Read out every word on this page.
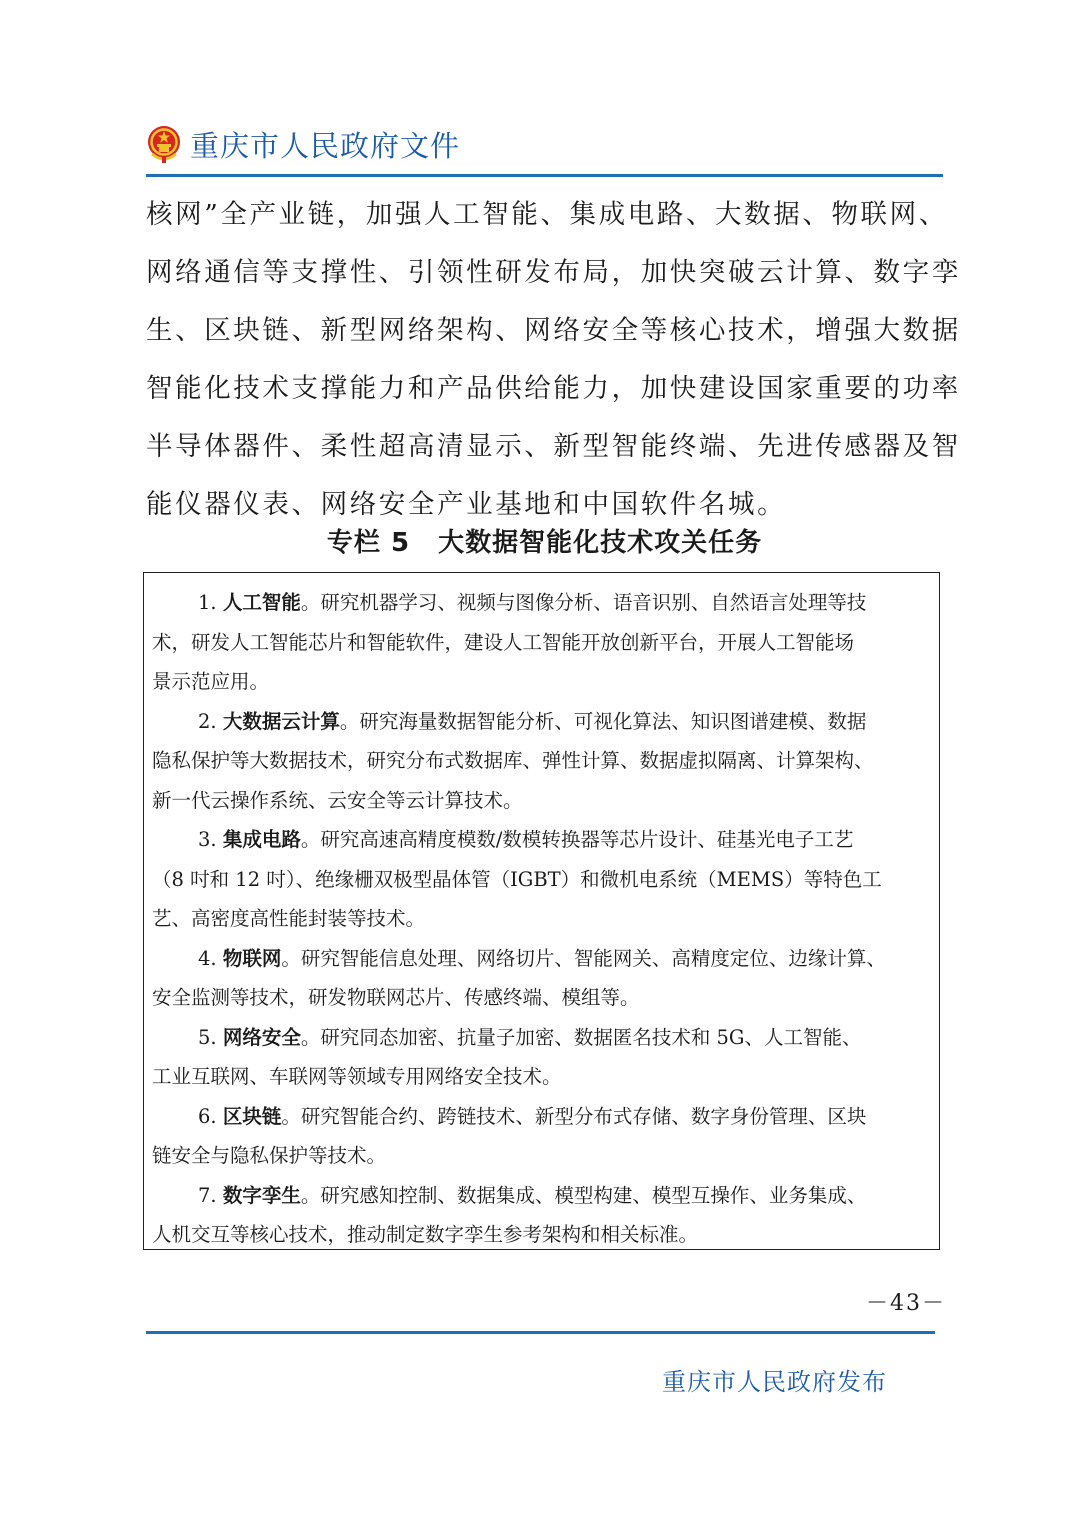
重庆市人民政府文件
核网”全产业链，加强人工智能、集成电路、大数据、物联网、
网络通信等支撑性、引领性研发布局，加快突破云计算、数字孪
生、区块链、新型网络架构、网络安全等核心技术，增强大数据
智能化技术支撑能力和产品供给能力，加快建设国家重要的功率
半导体器件、柔性超高清显示、新型智能终端、先进传感器及智
能仪器仪表、网络安全产业基地和中国软件名城。
专栏 5 大数据智能化技术攻关任务
1. 人工智能。研究机器学习、视频与图像分析、语音识别、自然语言处理等技
术，研发人工智能芯片和智能软件，建设人工智能开放创新平台，开展人工智能场
景示范应用。
2. 大数据云计算。研究海量数据智能分析、可视化算法、知识图谱建模、数据
隐私保护等大数据技术，研究分布式数据库、弹性计算、数据虚拟隔离、计算架构、
新一代云操作系统、云安全等云计算技术。
3. 集成电路。研究高速高精度模数/数模转换器等芯片设计、硅基光电子工艺
（8 吋和 12 吋）、绝缘栅双极型晶体管（IGBT）和微机电系统（MEMS）等特色工
艺、高密度高性能封装等技术。
4. 物联网。研究智能信息处理、网络切片、智能网关、高精度定位、边缘计算、
安全监测等技术，研发物联网芯片、传感终端、模组等。
5. 网络安全。研究同态加密、抗量子加密、数据匿名技术和 5G、人工智能、
工业互联网、车联网等领域专用网络安全技术。
6. 区块链。研究智能合约、跨链技术、新型分布式存储、数字身份管理、区块
链安全与隐私保护等技术。
7. 数字孪生。研究感知控制、数据集成、模型构建、模型互操作、业务集成、
人机交互等核心技术，推动制定数字孪生参考架构和相关标准。
－43－
重庆市人民政府发布
